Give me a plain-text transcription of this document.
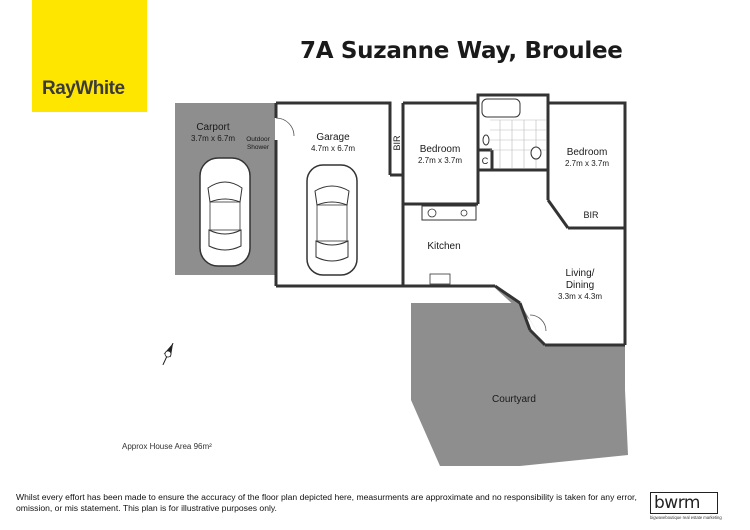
RayWhite
7A Suzanne Way, Broulee
Carport
3.7m x 6.7m Outdoor
Shower
Garage
4.7m x 6.7m	BIR Bedroom
2.7m x 3.7m C
Bedroom
2.7m x 3.7m
BIR
Kitchen
Living/
Dining
3.3m x 4.3m
Courtyard
Approx House Area 96m²
Whilst every effort has been made to ensure the accuracy of the floor plan depicted here, measurments are approximate and no responsibility is taken for any error, omission, or mis statement. This plan is for illustrative purposes only.	bwrm
bigwaveboutique real estate marketing
